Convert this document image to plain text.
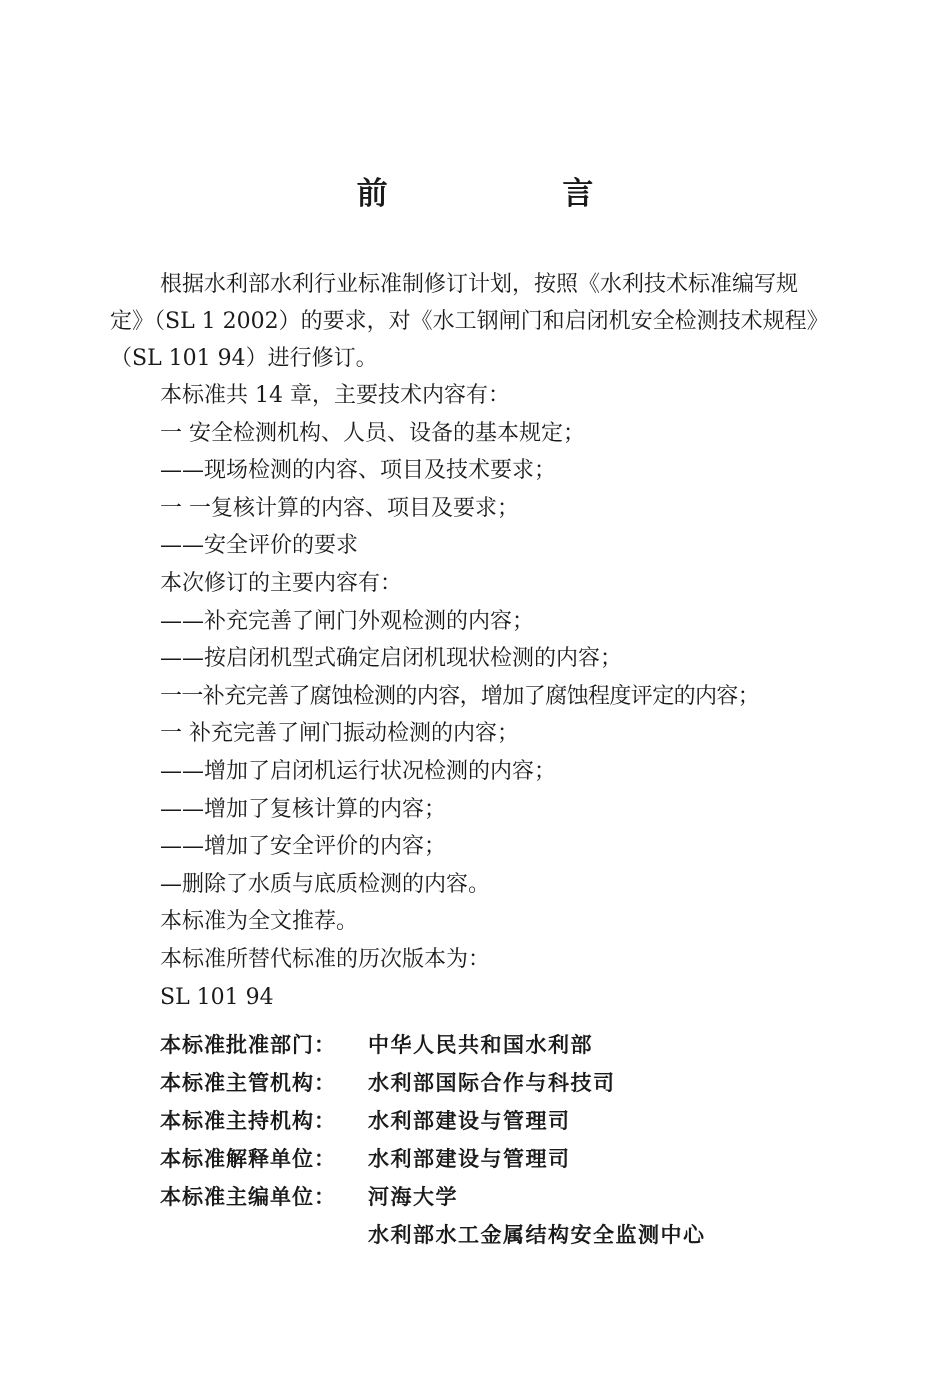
前 言

根据水利部水利行业标准制修订计划，按照《水利技术标准编写规定》（SL 1 2002）的要求，对《水工钢闸门和启闭机安全检测技术规程》（SL 101 94）进行修订。

本标准共 14 章，主要技术内容有：
一 安全检测机构、人员、设备的基本规定；
——现场检测的内容、项目及技术要求；
一 一复核计算的内容、项目及要求；
——安全评价的要求
本次修订的主要内容有：
——补充完善了闸门外观检测的内容；
——按启闭机型式确定启闭机现状检测的内容；
一一补充完善了腐蚀检测的内容，增加了腐蚀程度评定的内容；
一 补充完善了闸门振动检测的内容；
——增加了启闭机运行状况检测的内容；
——增加了复核计算的内容；
——增加了安全评价的内容；
—删除了水质与底质检测的内容。
本标准为全文推荐。
本标准所替代标准的历次版本为：
SL 101 94
本标准批准部门：	中华人民共和国水利部
本标准主管机构：	水利部国际合作与科技司
本标准主持机构：	水利部建设与管理司
本标准解释单位：	水利部建设与管理司
本标准主编单位：	河海大学
水利部水工金属结构安全监测中心
